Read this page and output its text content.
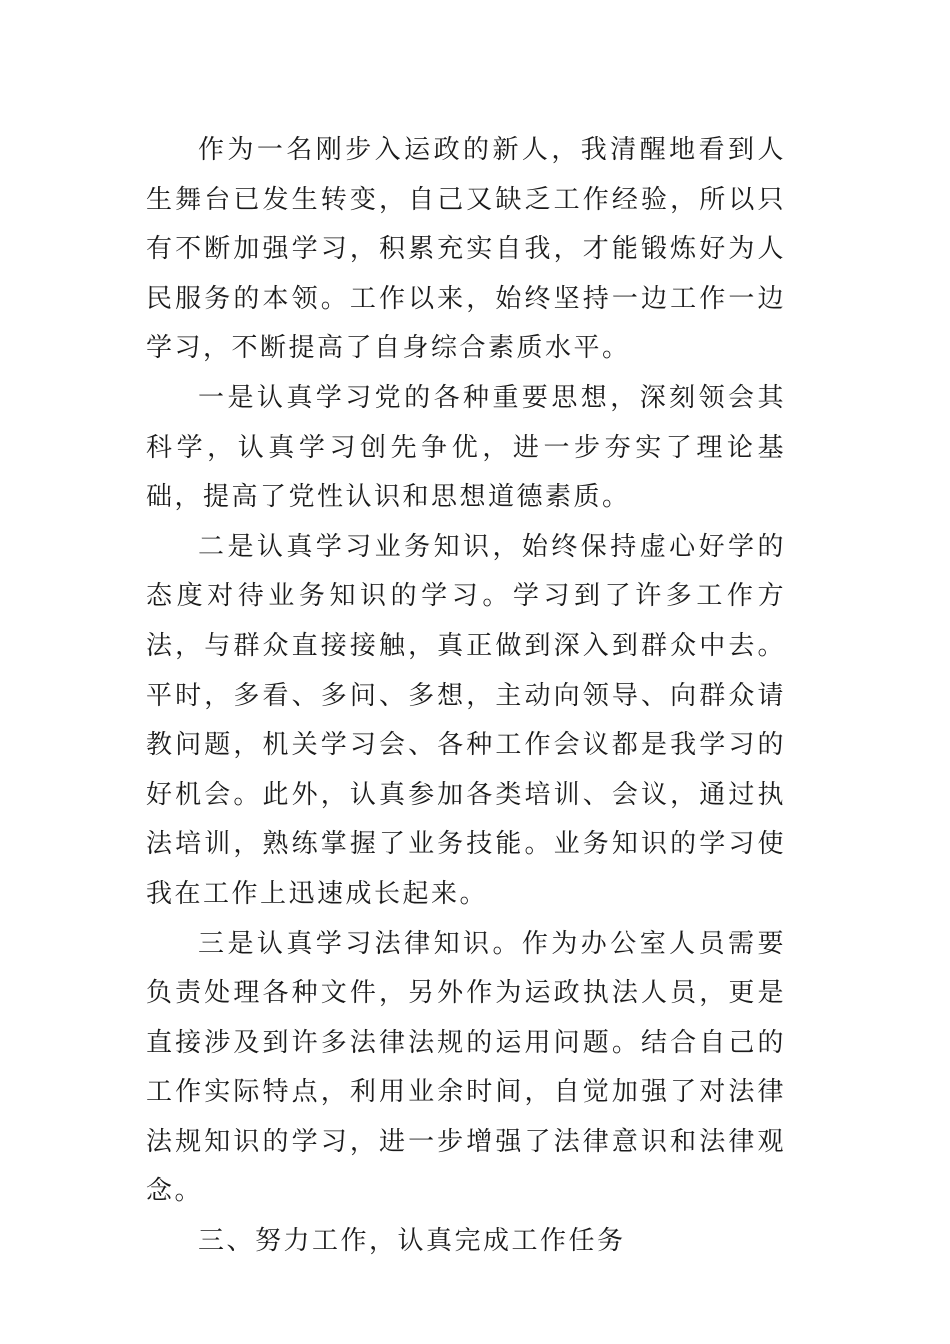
作为一名刚步入运政的新人，我清醒地看到人生舞台已发生转变，自己又缺乏工作经验，所以只有不断加强学习，积累充实自我，才能锻炼好为人民服务的本领。工作以来，始终坚持一边工作一边学习，不断提高了自身综合素质水平。

一是认真学习党的各种重要思想，深刻领会其科学，认真学习创先争优，进一步夯实了理论基础，提高了党性认识和思想道德素质。

二是认真学习业务知识，始终保持虚心好学的态度对待业务知识的学习。学习到了许多工作方法，与群众直接接触，真正做到深入到群众中去。平时，多看、多问、多想，主动向领导、向群众请教问题，机关学习会、各种工作会议都是我学习的好机会。此外，认真参加各类培训、会议，通过执法培训，熟练掌握了业务技能。业务知识的学习使我在工作上迅速成长起来。

三是认真学习法律知识。作为办公室人员需要负责处理各种文件，另外作为运政执法人员，更是直接涉及到许多法律法规的运用问题。结合自己的工作实际特点，利用业余时间，自觉加强了对法律法规知识的学习，进一步增强了法律意识和法律观念。

三、努力工作，认真完成工作任务
